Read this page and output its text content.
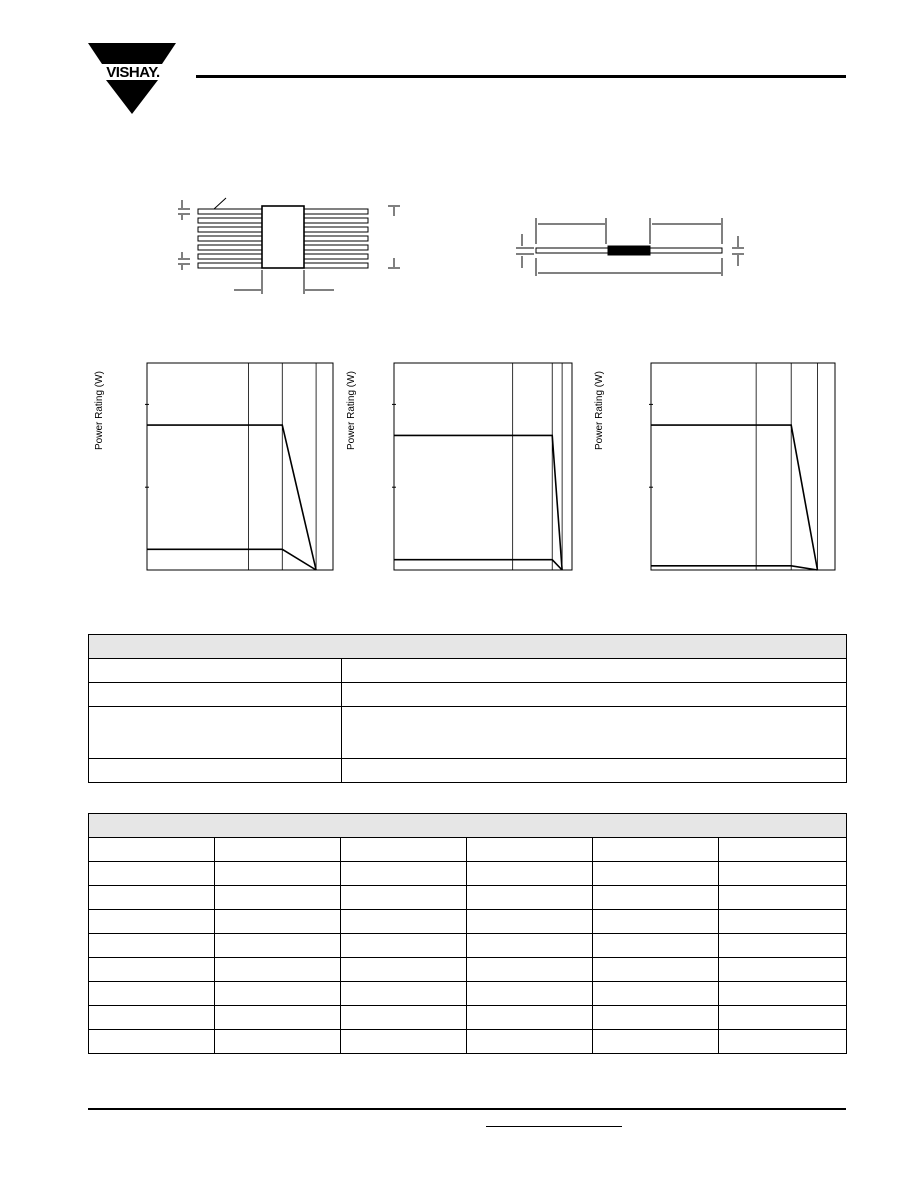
VISHAY.
Power Rating (W)	Power Rating (W)	Power Rating (W)
